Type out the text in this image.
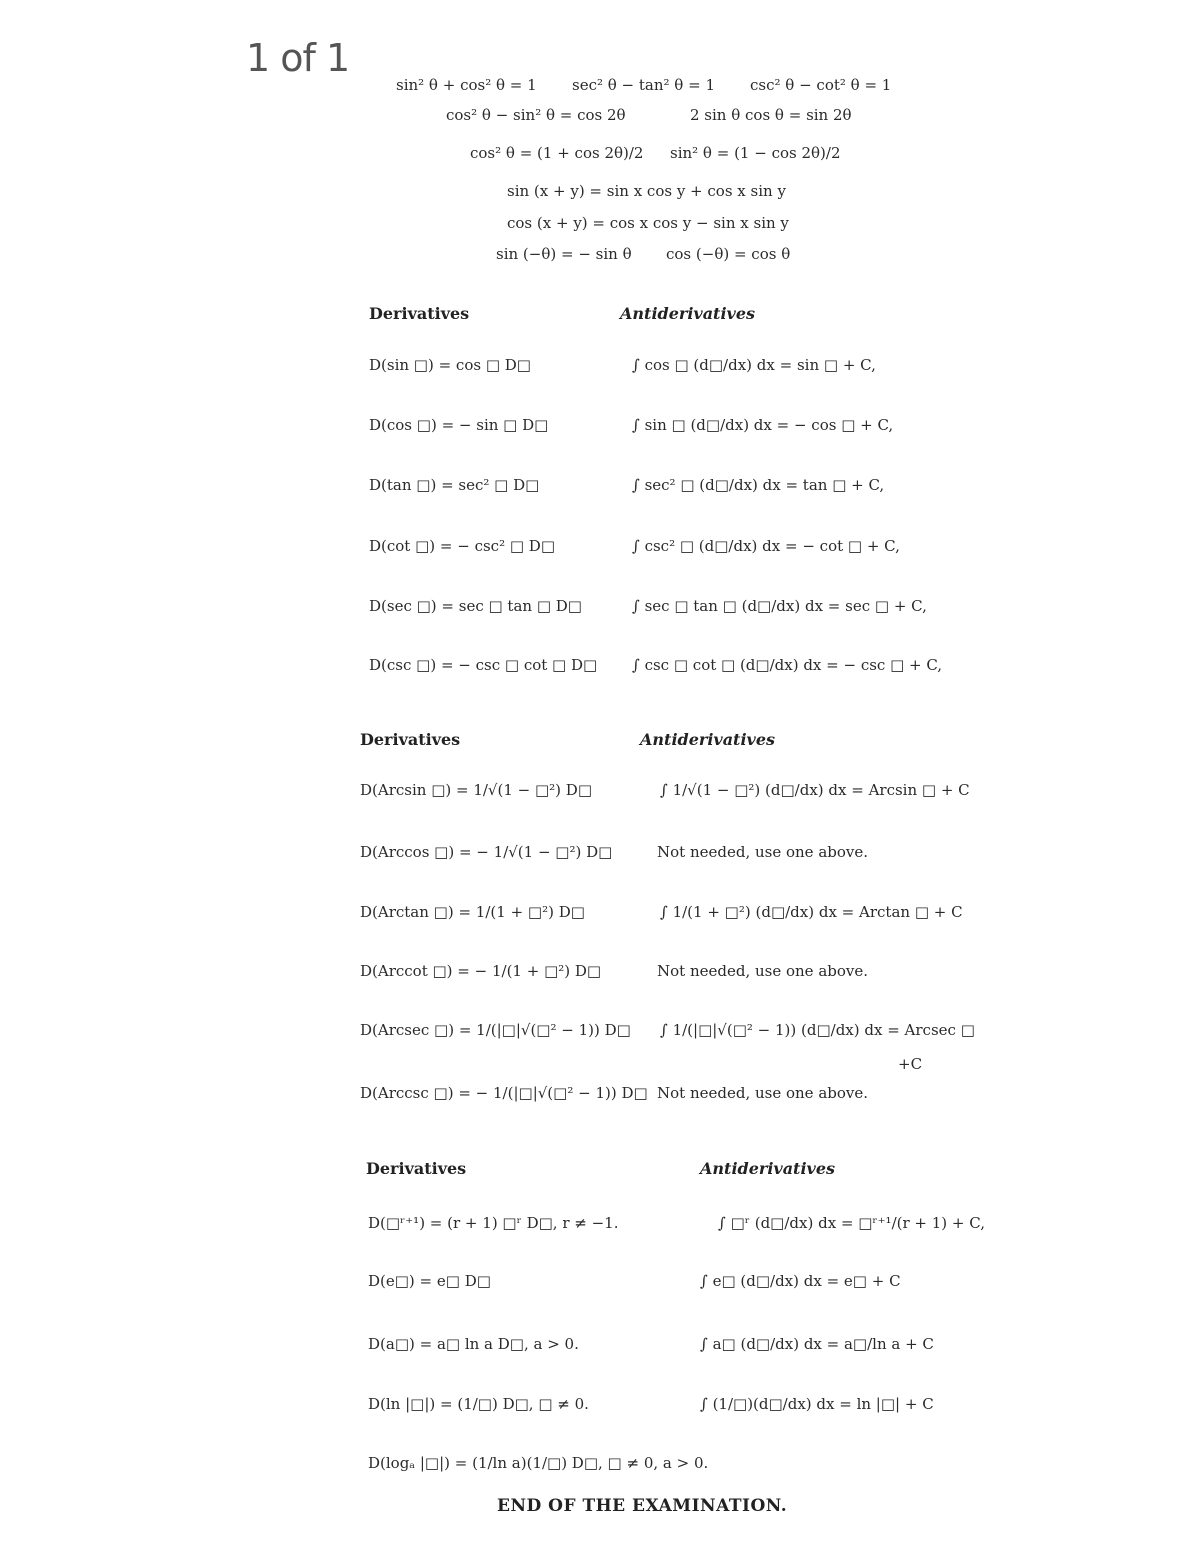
1 of 1
sin² θ + cos² θ = 1 sec² θ − tan² θ = 1 csc² θ − cot² θ = 1
cos² θ − sin² θ = cos 2θ	2 sin θ cos θ = sin 2θ
cos² θ = (1 + cos 2θ)/2 sin² θ = (1 − cos 2θ)/2
sin (x + y) = sin x cos y + cos x sin y
cos (x + y) = cos x cos y − sin x sin y
sin (−θ) = − sin θ cos (−θ) = cos θ
Derivatives	Antiderivatives
D(sin □) = cos □ D□	∫ cos □ (d□/dx) dx = sin □ + C,
D(cos □) = − sin □ D□	∫ sin □ (d□/dx) dx = − cos □ + C,
D(tan □) = sec² □ D□	∫ sec² □ (d□/dx) dx = tan □ + C,
D(cot □) = − csc² □ D□	∫ csc² □ (d□/dx) dx = − cot □ + C,
D(sec □) = sec □ tan □ D□	∫ sec □ tan □ (d□/dx) dx = sec □ + C,
D(csc □) = − csc □ cot □ D□ ∫ csc □ cot □ (d□/dx) dx = − csc □ + C,
Derivatives	Antiderivatives
D(Arcsin □) = 1/√(1 − □²) D□	∫ 1/√(1 − □²) (d□/dx) dx = Arcsin □ + C
D(Arccos □) = − 1/√(1 − □²) D□	Not needed, use one above.
D(Arctan □) = 1/(1 + □²) D□	∫ 1/(1 + □²) (d□/dx) dx = Arctan □ + C
D(Arccot □) = − 1/(1 + □²) D□	Not needed, use one above.
D(Arcsec □) = 1/(|□|√(□² − 1)) D□ ∫ 1/(|□|√(□² − 1)) (d□/dx) dx = Arcsec □
+C
D(Arccsc □) = − 1/(|□|√(□² − 1)) D□ Not needed, use one above.
Derivatives	Antiderivatives
D(□ʳ⁺¹) = (r + 1) □ʳ D□, r ≠ −1.	∫ □ʳ (d□/dx) dx = □ʳ⁺¹/(r + 1) + C,
D(e□) = e□ D□	∫ e□ (d□/dx) dx = e□ + C
D(a□) = a□ ln a D□, a > 0.	∫ a□ (d□/dx) dx = a□/ln a + C
D(ln |□|) = (1/□) D□, □ ≠ 0.	∫ (1/□)(d□/dx) dx = ln |□| + C
D(logₐ |□|) = (1/ln a)(1/□) D□, □ ≠ 0, a > 0.
END OF THE EXAMINATION.
